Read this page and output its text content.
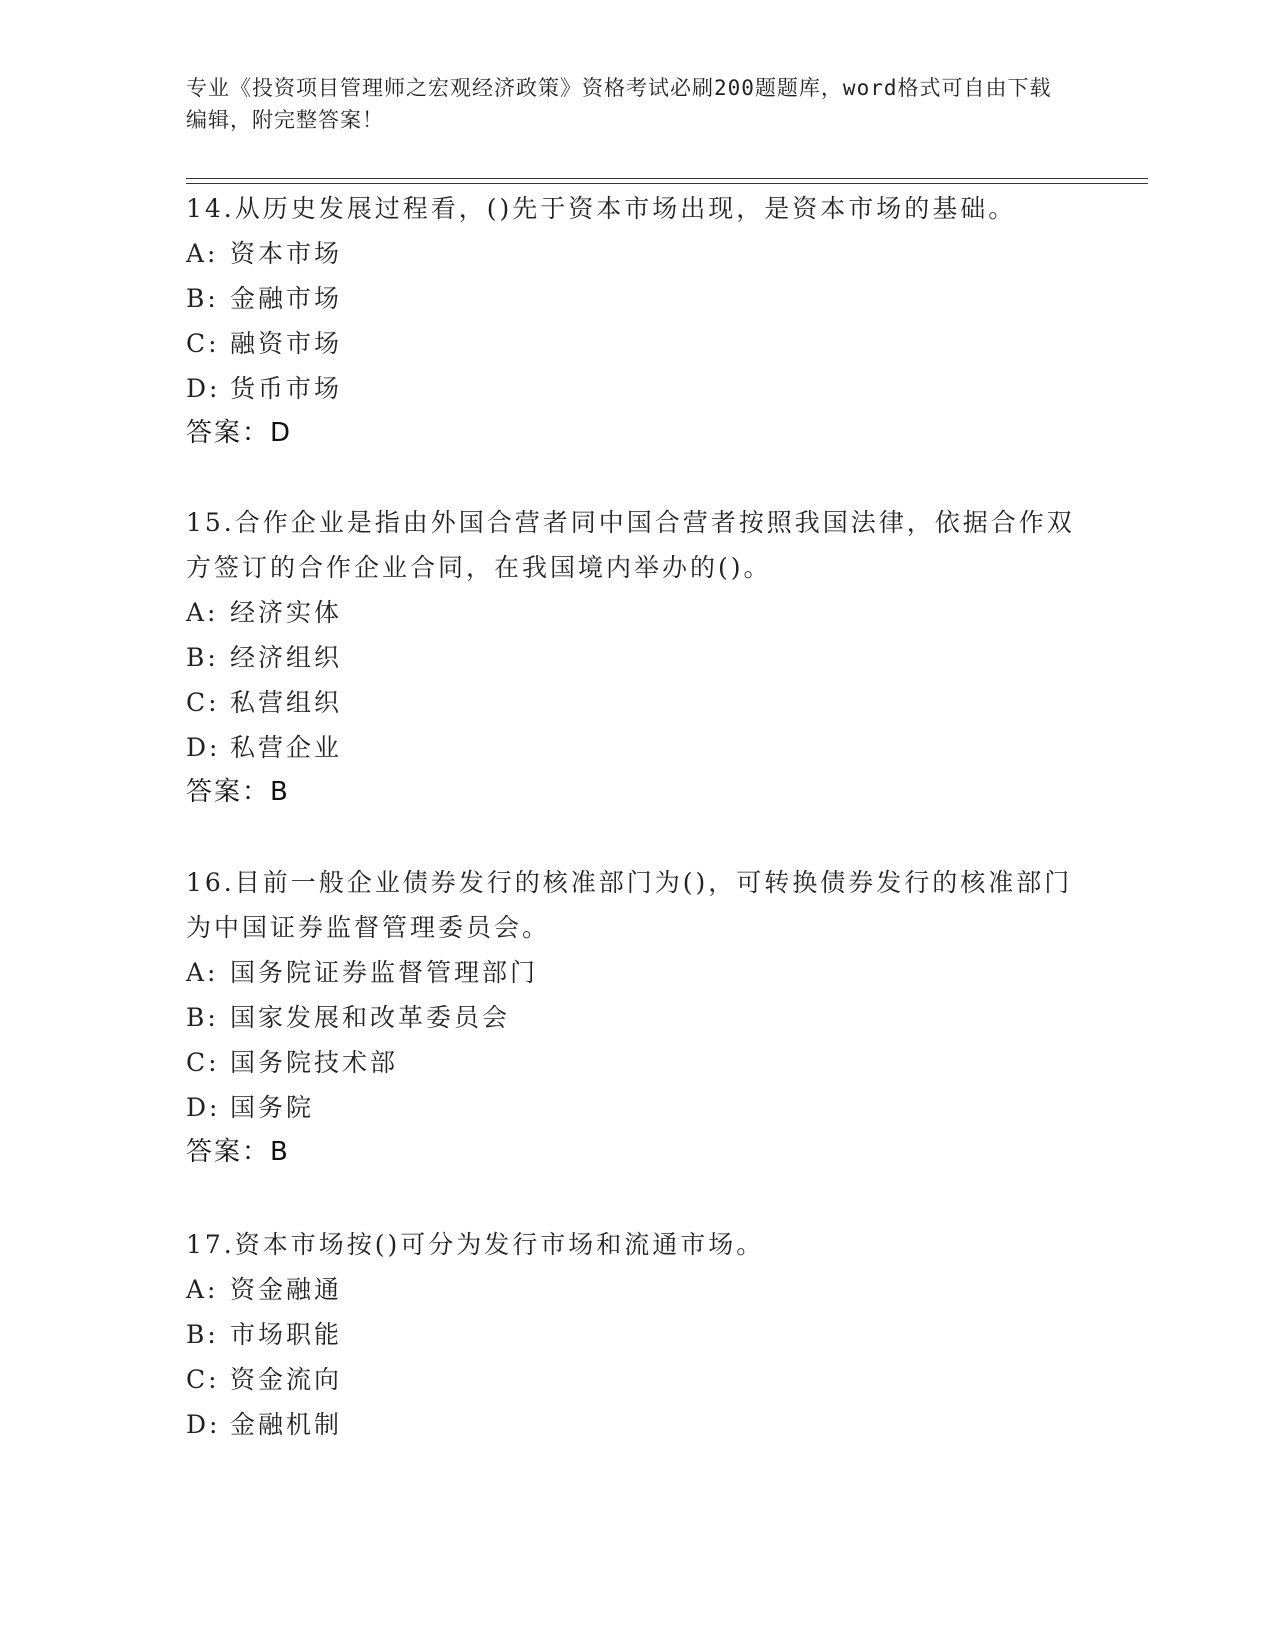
专业《投资项目管理师之宏观经济政策》资格考试必刷200题题库，word格式可自由下载编辑，附完整答案！
14.从历史发展过程看，()先于资本市场出现，是资本市场的基础。
A: 资本市场
B: 金融市场
C: 融资市场
D: 货币市场
答案：D
15.合作企业是指由外国合营者同中国合营者按照我国法律，依据合作双方签订的合作企业合同，在我国境内举办的()。
A: 经济实体
B: 经济组织
C: 私营组织
D: 私营企业
答案：B
16.目前一般企业债券发行的核准部门为()，可转换债券发行的核准部门为中国证券监督管理委员会。
A: 国务院证券监督管理部门
B: 国家发展和改革委员会
C: 国务院技术部
D: 国务院
答案：B
17.资本市场按()可分为发行市场和流通市场。
A: 资金融通
B: 市场职能
C: 资金流向
D: 金融机制
